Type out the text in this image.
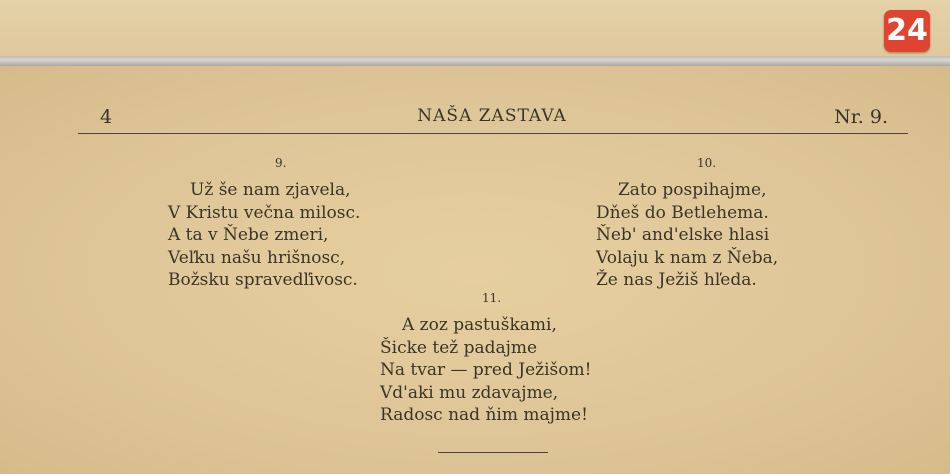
24
4	NAŠA ZASTAVA	Nr. 9.
9.
Už še nam zjavela,
V Kristu večna milosc.
A ta v Ňebe zmeri,
Veľku našu hrišnosc,
Božsku spravedľivosc.
10.
Zato pospihajme,
Dňeš do Betlehema.
Ňeb' and'elske hlasi
Volaju k nam z Ňeba,
Že nas Ježiš hľeda.
11.
A zoz pastuškami,
Šicke tež padajme
Na tvar — pred Ježišom!
Vd'aki mu zdavajme,
Radosc nad ňim majme!
